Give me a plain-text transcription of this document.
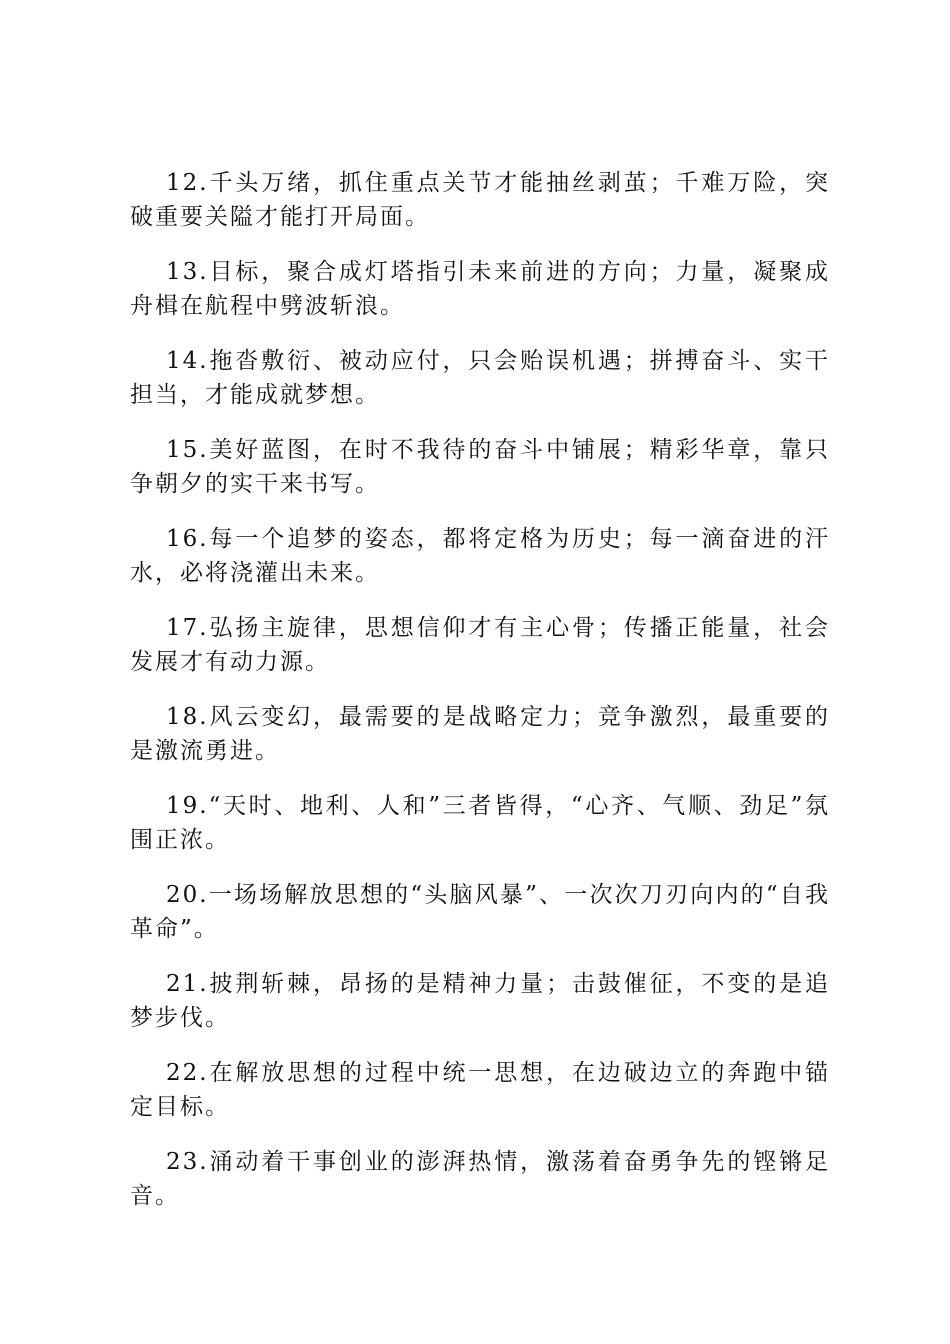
12.千头万绪，抓住重点关节才能抽丝剥茧；千难万险，突破重要关隘才能打开局面。

13.目标，聚合成灯塔指引未来前进的方向；力量，凝聚成舟楫在航程中劈波斩浪。

14.拖沓敷衍、被动应付，只会贻误机遇；拼搏奋斗、实干担当，才能成就梦想。

15.美好蓝图，在时不我待的奋斗中铺展；精彩华章，靠只争朝夕的实干来书写。

16.每一个追梦的姿态，都将定格为历史；每一滴奋进的汗水，必将浇灌出未来。

17.弘扬主旋律，思想信仰才有主心骨；传播正能量，社会发展才有动力源。

18.风云变幻，最需要的是战略定力；竞争激烈，最重要的是激流勇进。

19.“天时、地利、人和”三者皆得，“心齐、气顺、劲足”氛围正浓。

20.一场场解放思想的“头脑风暴”、一次次刀刃向内的“自我革命”。

21.披荆斩棘，昂扬的是精神力量；击鼓催征，不变的是追梦步伐。

22.在解放思想的过程中统一思想，在边破边立的奔跑中锚定目标。

23.涌动着干事创业的澎湃热情，激荡着奋勇争先的铿锵足音。
